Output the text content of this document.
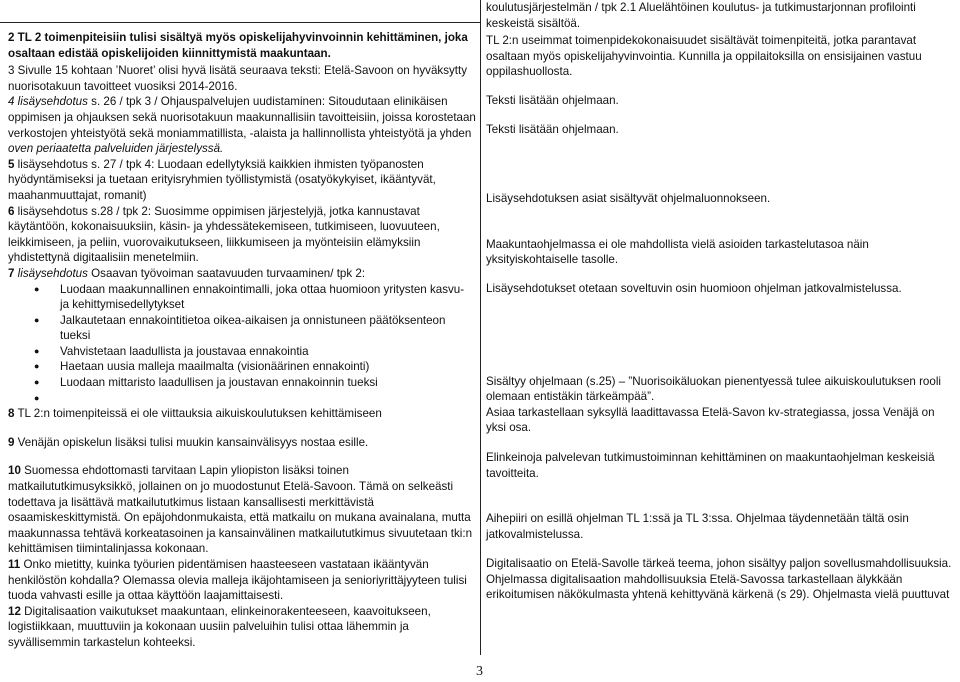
2 TL 2 toimenpiteisiin tulisi sisältyä myös opiskelijahyvinvoinnin kehittäminen, joka osaltaan edistää opiskelijoiden kiinnittymistä maakuntaan.

3 Sivulle 15 kohtaan ’Nuoret’ olisi hyvä lisätä seuraava teksti: Etelä-Savoon on hyväksytty nuorisotakuun tavoitteet vuosiksi 2014-2016.

4 lisäysehdotus s. 26 / tpk 3 / Ohjauspalvelujen uudistaminen: Sitoudutaan elinikäisen oppimisen ja ohjauksen sekä nuorisotakuun maakunnallisiin tavoitteisiin, joissa korostetaan verkostojen yhteistyötä sekä moniammatillista, -alaista ja hallinnollista yhteistyötä ja yhden oven periaatetta palveluiden järjestelyssä.

5 lisäysehdotus s. 27 / tpk 4: Luodaan edellytyksiä kaikkien ihmisten työpanosten hyödyntämiseksi ja tuetaan erityisryhmien työllistymistä (osatyökykyiset, ikääntyvät, maahanmuuttajat, romanit)

6 lisäysehdotus s.28 / tpk 2: Suosimme oppimisen järjestelyjä, jotka kannustavat käytäntöön, kokonaisuuksiin, käsin- ja yhdessätekemiseen, tutkimiseen, luovuuteen, leikkimiseen, ja peliin, vuorovaikutukseen, liikkumiseen ja myönteisiin elämyksiin yhdistettynä digitaalisiin menetelmiin.

7 lisäysehdotus Osaavan työvoiman saatavuuden turvaaminen/ tpk 2:

● Luodaan maakunnallinen ennakointimalli, joka ottaa huomioon yritysten kasvu- ja kehittymisedellytykset
● Jalkautetaan ennakointitietoa oikea-aikaisen ja onnistuneen päätöksenteon tueksi
● Vahvistetaan laadullista ja joustavaa ennakointia
● Haetaan uusia malleja maailmalta (visionäärinen ennakointi)
● Luodaan mittaristo laadullisen ja joustavan ennakoinnin tueksi
●

8 TL 2:n toimenpiteissä ei ole viittauksia aikuiskoulutuksen kehittämiseen

9 Venäjän opiskelun lisäksi tulisi muukin kansainvälisyys nostaa esille.

10 Suomessa ehdottomasti tarvitaan Lapin yliopiston lisäksi toinen matkailututkimusyksikkö, jollainen on jo muodostunut Etelä-Savoon. Tämä on selkeästi todettava ja lisättävä matkailututkimus listaan kansallisesti merkittävistä osaamiskeskittymistä. On epäjohdonmukaista, että matkailu on mukana avainalana, mutta maakunnassa tehtävä korkeatasoinen ja kansainvälinen matkailututkimus sivuutetaan tki:n kehittämisen tiimintalinjassa kokonaan.

11 Onko mietitty, kuinka työurien pidentämisen haasteeseen vastataan ikääntyvän henkilöstön kohdalla? Olemassa olevia malleja ikäjohtamiseen ja senioriyrittäjyyteen tulisi tuoda vahvasti esille ja ottaa käyttöön laajamittaisesti.

12 Digitalisaation vaikutukset maakuntaan, elinkeinorakenteeseen, kaavoitukseen, logistiikkaan, muuttuviin ja kokonaan uusiin palveluihin tulisi ottaa lähemmin ja syvällisemmin tarkastelun kohteeksi.

koulutusjärjestelmän / tpk 2.1 Aluelähtöinen koulutus- ja tutkimustarjonnan profilointi keskeistä sisältöä.

TL 2:n useimmat toimenpidekokonaisuudet sisältävät toimenpiteitä, jotka parantavat osaltaan myös opiskelijahyvinvointia. Kunnilla ja oppilaitoksilla on ensisijainen vastuu oppilashuollosta.

Teksti lisätään ohjelmaan.

Teksti lisätään ohjelmaan.

Lisäysehdotuksen asiat sisältyvät ohjelmaluonnokseen.

Maakuntaohjelmassa ei ole mahdollista vielä asioiden tarkastelutasoa näin yksityiskohtaiselle tasolle.

Lisäysehdotukset otetaan soveltuvin osin huomioon ohjelman jatkovalmistelussa.

Sisältyy ohjelmaan (s.25) – ”Nuorisoikäluokan pienentyessä tulee aikuiskoulutuksen rooli olemaan entistäkin tärkeämpää”.

Asiaa tarkastellaan syksyllä laadittavassa Etelä-Savon kv-strategiassa, jossa Venäjä on yksi osa.

Elinkeinoja palvelevan tutkimustoiminnan kehittäminen on maakuntaohjelman keskeisiä tavoitteita.

Aihepiiri on esillä ohjelman TL 1:ssä ja TL 3:ssa. Ohjelmaa täydennetään tältä osin jatkovalmistelussa.

Digitalisaatio on Etelä-Savolle tärkeä teema, johon sisältyy paljon sovellusmahdollisuuksia. Ohjelmassa digitalisaation mahdollisuuksia Etelä-Savossa tarkastellaan älykkään erikoitumisen näkökulmasta yhtenä kehittyvänä kärkenä (s 29). Ohjelmasta vielä puuttuvat

3
